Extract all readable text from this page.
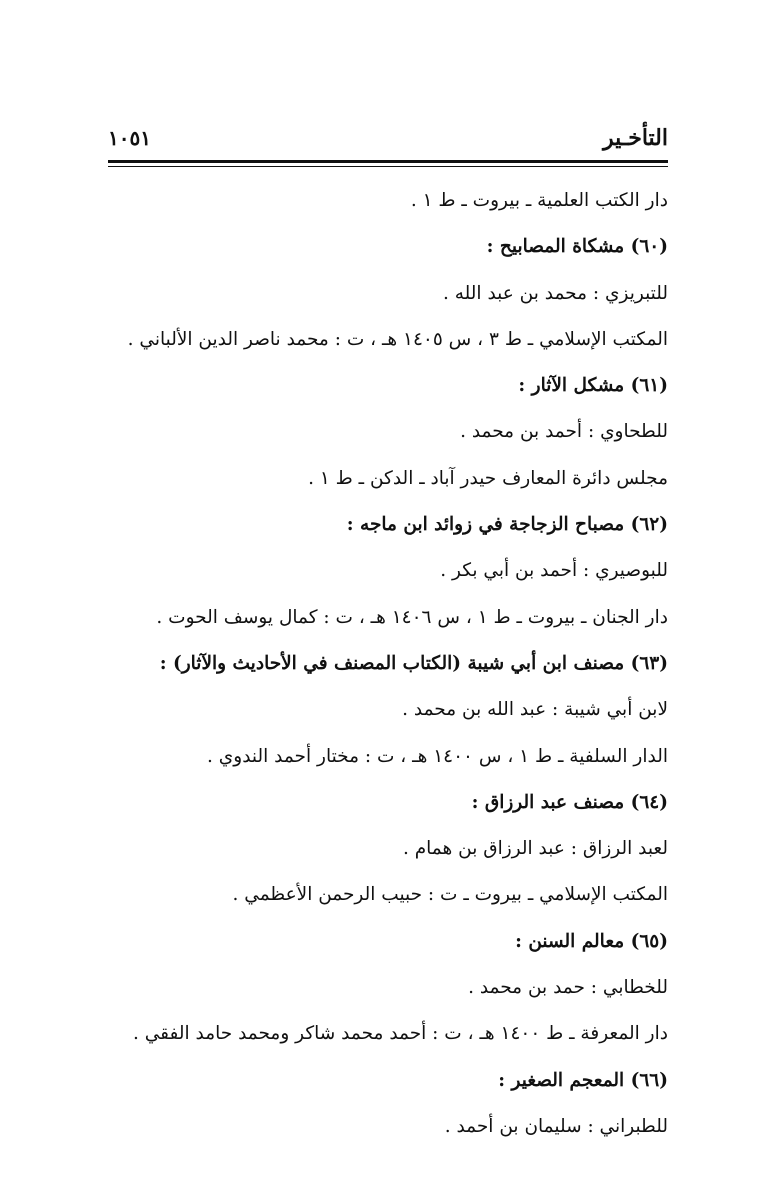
التأخـير
١٠٥١
دار الكتب العلمية ـ بيروت ـ ط ١ .
(٦٠) مشكاة المصابيح :
للتبريزي : محمد بن عبد الله .
المكتب الإسلامي ـ ط ٣ ، س ١٤٠٥ هـ ، ت : محمد ناصر الدين الألباني .
(٦١) مشكل الآثار :
للطحاوي : أحمد بن محمد .
مجلس دائرة المعارف حيدر آباد ـ الدكن ـ ط ١ .
(٦٢) مصباح الزجاجة في زوائد ابن ماجه :
للبوصيري : أحمد بن أبي بكر .
دار الجنان ـ بيروت ـ ط ١ ، س ١٤٠٦ هـ ، ت : كمال يوسف الحوت .
(٦٣) مصنف ابن أبي شيبة (الكتاب المصنف في الأحاديث والآثار) :
لابن أبي شيبة : عبد الله بن محمد .
الدار السلفية ـ ط ١ ، س ١٤٠٠ هـ ، ت : مختار أحمد الندوي .
(٦٤) مصنف عبد الرزاق :
لعبد الرزاق : عبد الرزاق بن همام .
المكتب الإسلامي ـ بيروت ـ ت : حبيب الرحمن الأعظمي .
(٦٥) معالم السنن :
للخطابي : حمد بن محمد .
دار المعرفة ـ ط ١٤٠٠ هـ ، ت : أحمد محمد شاكر ومحمد حامد الفقي .
(٦٦) المعجم الصغير :
للطبراني : سليمان بن أحمد .
